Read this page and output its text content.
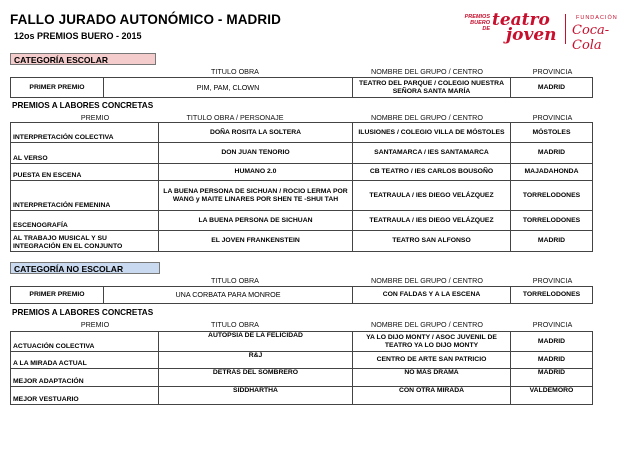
FALLO JURADO AUTONÓMICO - MADRID
12os PREMIOS BUERO - 2015
PREMIOS
BUERO
DE teatro
joven
FUNDACIÓN
Coca-Cola
CATEGORÍA ESCOLAR
TITULO OBRA	NOMBRE DEL GRUPO / CENTRO	PROVINCIA
PRIMER PREMIO	PIM, PAM, CLOWN	TEATRO DEL PARQUE / COLEGIO NUESTRA SEÑORA SANTA MARÍA	MADRID
PREMIOS A LABORES CONCRETAS
PREMIO	TITULO OBRA / PERSONAJE	NOMBRE DEL GRUPO / CENTRO	PROVINCIA
INTERPRETACIÓN COLECTIVA	DOÑA ROSITA LA SOLTERA	ILUSIONES / COLEGIO VILLA DE MÓSTOLES	MÓSTOLES
AL VERSO	DON JUAN TENORIO	SANTAMARCA / IES SANTAMARCA	MADRID
PUESTA EN ESCENA	HUMANO 2.0	CB TEATRO / IES CARLOS BOUSOÑO	MAJADAHONDA
INTERPRETACIÓN FEMENINA	LA BUENA PERSONA DE SICHUAN / ROCIO LERMA POR WANG y MAITE LINARES POR SHEN TE -SHUI TAH	TEATRAULA / IES DIEGO VELÁZQUEZ	TORRELODONES
ESCENOGRAFÍA	LA BUENA PERSONA DE SICHUAN	TEATRAULA / IES DIEGO VELÁZQUEZ	TORRELODONES
AL TRABAJO MUSICAL Y SU INTEGRACIÓN EN EL CONJUNTO	EL JOVEN FRANKENSTEIN	TEATRO SAN ALFONSO	MADRID
CATEGORÍA NO ESCOLAR
TITULO OBRA	NOMBRE DEL GRUPO / CENTRO	PROVINCIA
PRIMER PREMIO	UNA CORBATA PARA MONROE	CON FALDAS Y A LA ESCENA	TORRELODONES
PREMIOS A LABORES CONCRETAS
PREMIO	TITULO OBRA	NOMBRE DEL GRUPO / CENTRO	PROVINCIA
ACTUACIÓN COLECTIVA	AUTOPSIA DE LA FELICIDAD	YA LO DIJO MONTY / ASOC JUVENIL DE TEATRO YA LO DIJO MONTY	MADRID
A LA MIRADA ACTUAL	R&J	CENTRO DE ARTE SAN PATRICIO	MADRID
MEJOR ADAPTACIÓN	DETRÁS DEL SOMBRERO	NO MÁS DRAMA	MADRID
MEJOR VESTUARIO	SIDDHARTHA	CON OTRA MIRADA	VALDEMORO
